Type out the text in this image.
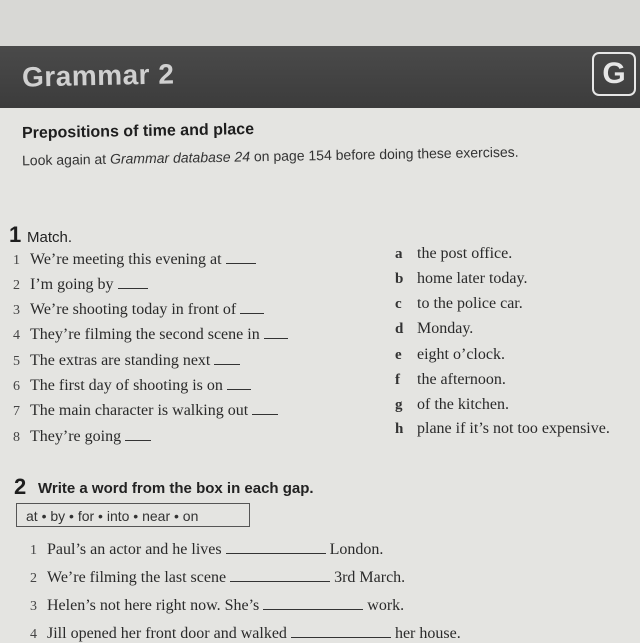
Grammar 2	G
Prepositions of time and place
Look again at Grammar database 24 on page 154 before doing these exercises.
1 Match.
1 We’re meeting this evening at
2 I’m going by
3 We’re shooting today in front of
4 They’re filming the second scene in
5 The extras are standing next
6 The first day of shooting is on
7 The main character is walking out
8 They’re going
a the post office.
b home later today.
c to the police car.
d Monday.
e eight o’clock.
f the afternoon.
g of the kitchen.
h plane if it’s not too expensive.
2 Write a word from the box in each gap.
at • by • for • into • near • on
1 Paul’s an actor and he lives	London.
2 We’re filming the last scene	3rd March.
3 Helen’s not here right now. She’s	work.
4 Jill opened her front door and walked	her house.
